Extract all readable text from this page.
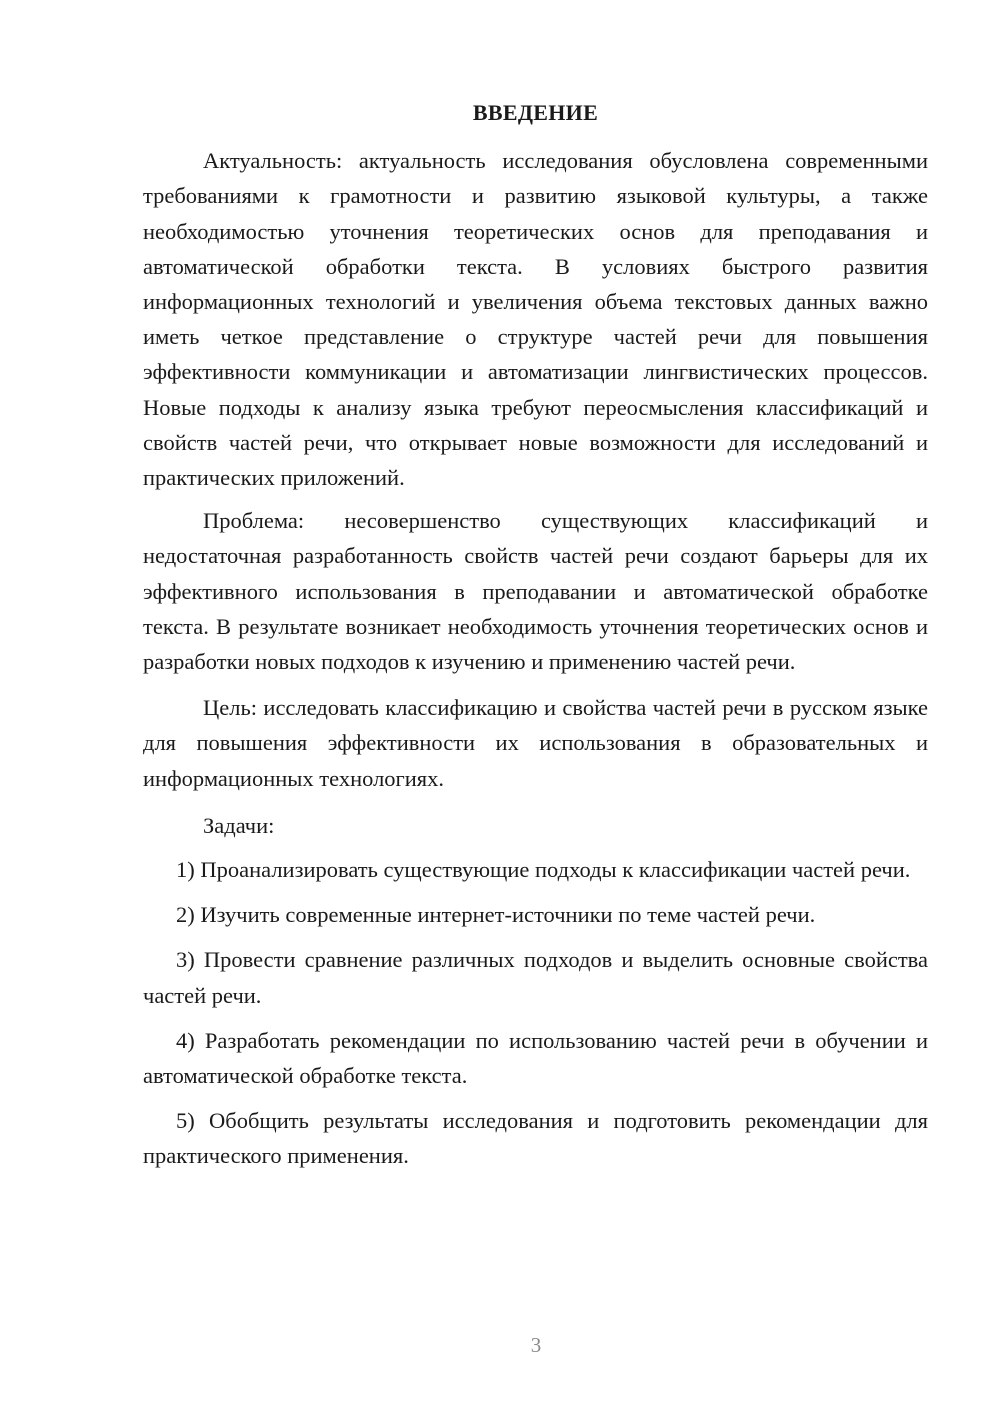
ВВЕДЕНИЕ

Актуальность: актуальность исследования обусловлена современными требованиями к грамотности и развитию языковой культуры, а также необходимостью уточнения теоретических основ для преподавания и автоматической обработки текста. В условиях быстрого развития информационных технологий и увеличения объема текстовых данных важно иметь четкое представление о структуре частей речи для повышения эффективности коммуникации и автоматизации лингвистических процессов. Новые подходы к анализу языка требуют переосмысления классификаций и свойств частей речи, что открывает новые возможности для исследований и практических приложений.

Проблема: несовершенство существующих классификаций и недостаточная разработанность свойств частей речи создают барьеры для их эффективного использования в преподавании и автоматической обработке текста. В результате возникает необходимость уточнения теоретических основ и разработки новых подходов к изучению и применению частей речи.

Цель: исследовать классификацию и свойства частей речи в русском языке для повышения эффективности их использования в образовательных и информационных технологиях.

Задачи:

1) Проанализировать существующие подходы к классификации частей речи.

2) Изучить современные интернет-источники по теме частей речи.

3) Провести сравнение различных подходов и выделить основные свойства частей речи.

4) Разработать рекомендации по использованию частей речи в обучении и автоматической обработке текста.

5) Обобщить результаты исследования и подготовить рекомендации для практического применения.

3
